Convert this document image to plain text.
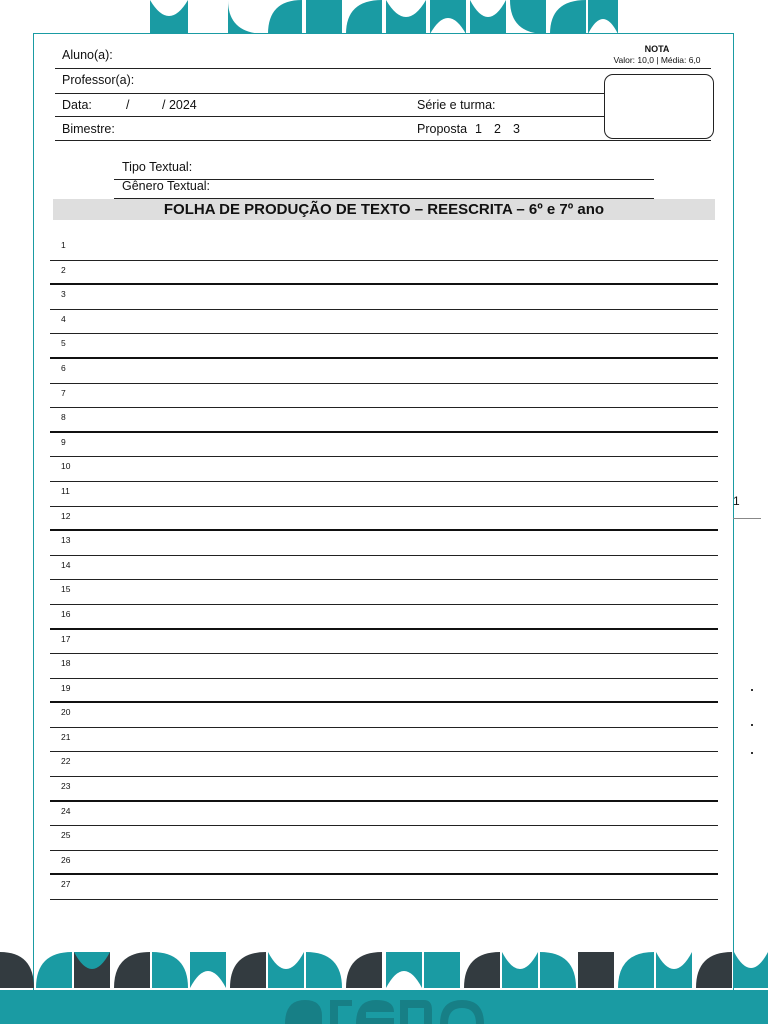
Aluno(a):
Professor(a):
Data:	/	/ 2024	Série e turma:
Bimestre:	Proposta 1 2 3
NOTA
Valor: 10,0 | Média: 6,0
Tipo Textual:
Gênero Textual:
FOLHA DE PRODUÇÃO DE TEXTO – REESCRITA – 6º e 7º ano
1
2
3
4
5
6
7
8
9
10
11
12
13
14
15
16
17
18
19
20
21
22
23
24
25
26
27
1
